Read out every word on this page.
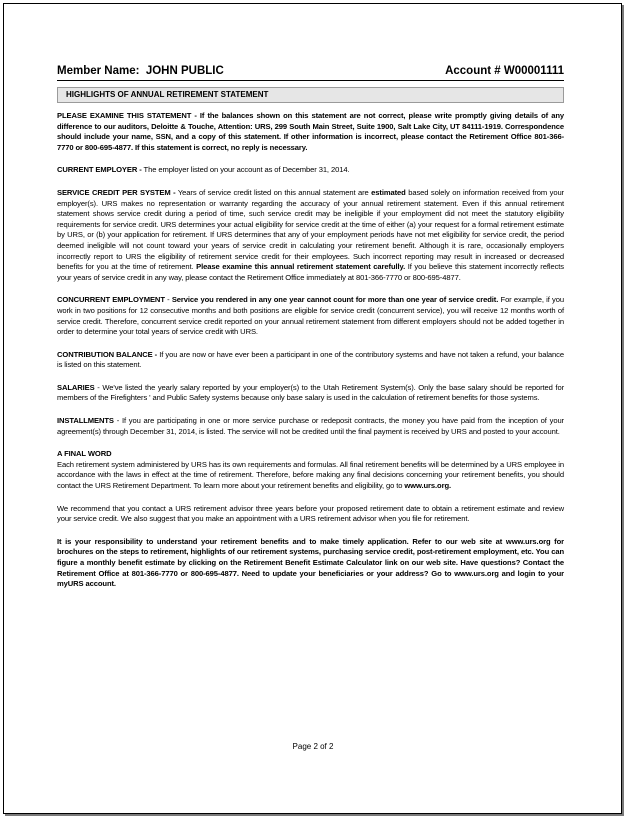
Member Name: JOHN PUBLIC	Account # W00001111
HIGHLIGHTS OF ANNUAL RETIREMENT STATEMENT

PLEASE EXAMINE THIS STATEMENT - If the balances shown on this statement are not correct, please write promptly giving details of any difference to our auditors, Deloitte & Touche, Attention: URS, 299 South Main Street, Suite 1900, Salt Lake City, UT 84111-1919. Correspondence should include your name, SSN, and a copy of this statement. If other information is incorrect, please contact the Retirement Office 801-366-7770 or 800-695-4877. If this statement is correct, no reply is necessary.

CURRENT EMPLOYER - The employer listed on your account as of December 31, 2014.

SERVICE CREDIT PER SYSTEM - Years of service credit listed on this annual statement are estimated based solely on information received from your employer(s). URS makes no representation or warranty regarding the accuracy of your annual retirement statement. Even if this annual retirement statement shows service credit during a period of time, such service credit may be ineligible if your employment did not meet the statutory eligibility requirements for service credit. URS determines your actual eligibility for service credit at the time of either (a) your request for a formal retirement estimate by URS, or (b) your application for retirement. If URS determines that any of your employment periods have not met eligibility for service credit, the period deemed ineligible will not count toward your years of service credit in calculating your retirement benefit. Although it is rare, occasionally employers incorrectly report to URS the eligibility of retirement service credit for their employees. Such incorrect reporting may result in increased or decreased benefits for you at the time of retirement. Please examine this annual retirement statement carefully. If you believe this statement incorrectly reflects your years of service credit in any way, please contact the Retirement Office immediately at 801-366-7770 or 800-695-4877.

CONCURRENT EMPLOYMENT - Service you rendered in any one year cannot count for more than one year of service credit. For example, if you work in two positions for 12 consecutive months and both positions are eligible for service credit (concurrent service), you will receive 12 months worth of service credit. Therefore, concurrent service credit reported on your annual retirement statement from different employers should not be added together in order to determine your total years of service credit with URS.

CONTRIBUTION BALANCE - If you are now or have ever been a participant in one of the contributory systems and have not taken a refund, your balance is listed on this statement.

SALARIES - We've listed the yearly salary reported by your employer(s) to the Utah Retirement System(s). Only the base salary should be reported for members of the Firefighters ' and Public Safety systems because only base salary is used in the calculation of retirement benefits for those systems.

INSTALLMENTS - If you are participating in one or more service purchase or redeposit contracts, the money you have paid from the inception of your agreement(s) through December 31, 2014, is listed. The service will not be credited until the final payment is received by URS and posted to your account.

A FINAL WORD
Each retirement system administered by URS has its own requirements and formulas. All final retirement benefits will be determined by a URS employee in accordance with the laws in effect at the time of retirement. Therefore, before making any final decisions concerning your retirement benefits, you should contact the URS Retirement Department. To learn more about your retirement benefits and eligibility, go to www.urs.org.

We recommend that you contact a URS retirement advisor three years before your proposed retirement date to obtain a retirement estimate and review your service credit. We also suggest that you make an appointment with a URS retirement advisor when you file for retirement.

It is your responsibility to understand your retirement benefits and to make timely application. Refer to our web site at www.urs.org for brochures on the steps to retirement, highlights of our retirement systems, purchasing service credit, post-retirement employment, etc. You can figure a monthly benefit estimate by clicking on the Retirement Benefit Estimate Calculator link on our web site. Have questions? Contact the Retirement Office at 801-366-7770 or 800-695-4877. Need to update your beneficiaries or your address? Go to www.urs.org and login to your myURS account.

Page 2 of 2
